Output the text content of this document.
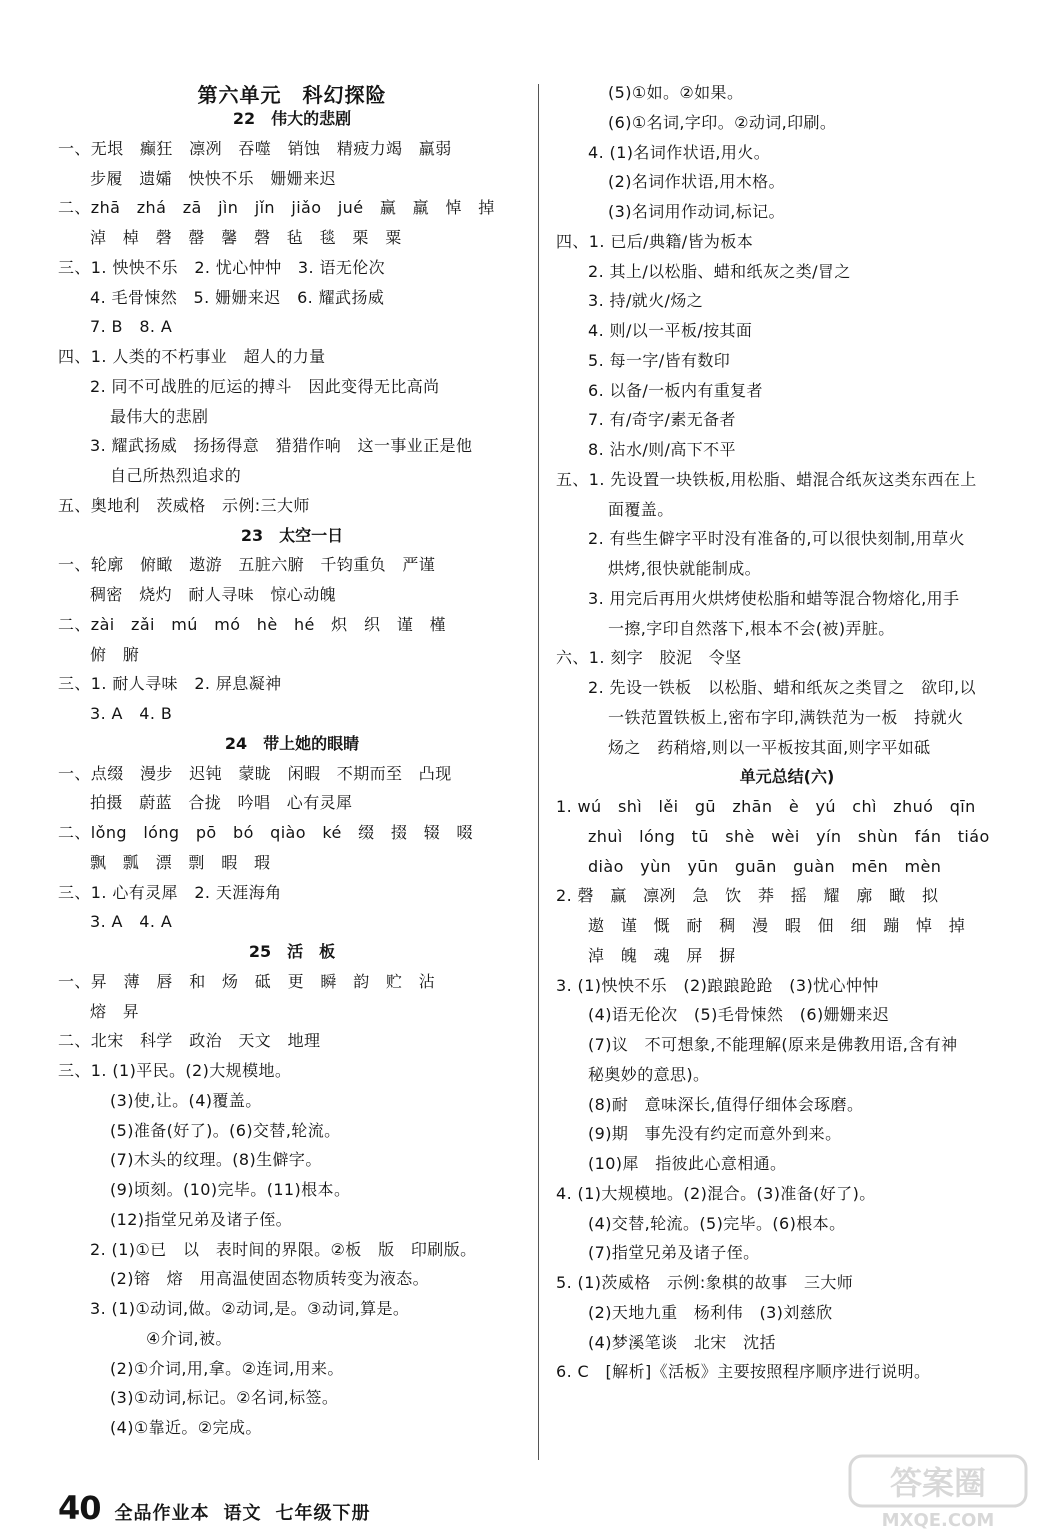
第六单元　科幻探险
22　伟大的悲剧
一、无垠　癫狂　凛冽　吞噬　销蚀　精疲力竭　羸弱
步履　遗孀　怏怏不乐　姗姗来迟
二、zhā　zhá　zā　jìn　jǐn　jiǎo　jué　赢　羸　悼　掉
淖　棹　磬　罄　馨　磬　毡　毯　栗　粟
三、1. 怏怏不乐　2. 忧心忡忡　3. 语无伦次
4. 毛骨悚然　5. 姗姗来迟　6. 耀武扬威
7. B　8. A
四、1. 人类的不朽事业　超人的力量
2. 同不可战胜的厄运的搏斗　因此变得无比高尚
最伟大的悲剧
3. 耀武扬威　扬扬得意　猎猎作响　这一事业正是他
自己所热烈追求的
五、奥地利　茨威格　示例:三大师
23　太空一日
一、轮廓　俯瞰　遨游　五脏六腑　千钧重负　严谨
稠密　烧灼　耐人寻味　惊心动魄
二、zài　zǎi　mú　mó　hè　hé　炽　织　谨　槿
俯　腑
三、1. 耐人寻味　2. 屏息凝神
3. A　4. B
24　带上她的眼睛
一、点缀　漫步　迟钝　蒙眬　闲暇　不期而至　凸现
拍摄　蔚蓝　合拢　吟唱　心有灵犀
二、lǒng　lóng　pō　bó　qiào　ké　缀　掇　辍　啜
飘　瓢　漂　剽　暇　瑕
三、1. 心有灵犀　2. 天涯海角
3. A　4. A
25　活　板
一、昇　薄　唇　和　炀　砥　更　瞬　韵　贮　沾
熔　昇
二、北宋　科学　政治　天文　地理
三、1. (1)平民。(2)大规模地。
(3)使,让。(4)覆盖。
(5)准备(好了)。(6)交替,轮流。
(7)木头的纹理。(8)生僻字。
(9)顷刻。(10)完毕。(11)根本。
(12)指堂兄弟及诸子侄。
2. (1)①已　以　表时间的界限。②板　版　印刷版。
(2)镕　熔　用高温使固态物质转变为液态。
3. (1)①动词,做。②动词,是。③动词,算是。
④介词,被。
(2)①介词,用,拿。②连词,用来。
(3)①动词,标记。②名词,标签。
(4)①靠近。②完成。
(5)①如。②如果。
(6)①名词,字印。②动词,印刷。
4. (1)名词作状语,用火。
(2)名词作状语,用木格。
(3)名词用作动词,标记。
四、1. 已后/典籍/皆为板本
2. 其上/以松脂、蜡和纸灰之类/冒之
3. 持/就火/炀之
4. 则/以一平板/按其面
5. 每一字/皆有数印
6. 以备/一板内有重复者
7. 有/奇字/素无备者
8. 沾水/则/高下不平
五、1. 先设置一块铁板,用松脂、蜡混合纸灰这类东西在上
面覆盖。
2. 有些生僻字平时没有准备的,可以很快刻制,用草火
烘烤,很快就能制成。
3. 用完后再用火烘烤使松脂和蜡等混合物熔化,用手
一擦,字印自然落下,根本不会(被)弄脏。
六、1. 刻字　胶泥　令坚
2. 先设一铁板　以松脂、蜡和纸灰之类冒之　欲印,以
一铁范置铁板上,密布字印,满铁范为一板　持就火
炀之　药稍熔,则以一平板按其面,则字平如砥
单元总结(六)
1. wú　shì　lěi　gū　zhān　è　yú　chì　zhuó　qīn
zhuì　lóng　tū　shè　wèi　yín　shùn　fán　tiáo
diào　yùn　yūn　guān　guàn　mēn　mèn
2. 磬　赢　凛冽　急　饮　莽　摇　耀　廓　瞰　拟
遨　谨　慨　耐　稠　漫　暇　佃　细　蹦　悼　掉
淖　魄　魂　屏　摒
3. (1)怏怏不乐　(2)踉踉跄跄　(3)忧心忡忡
(4)语无伦次　(5)毛骨悚然　(6)姗姗来迟
(7)议　不可想象,不能理解(原来是佛教用语,含有神
秘奥妙的意思)。
(8)耐　意味深长,值得仔细体会琢磨。
(9)期　事先没有约定而意外到来。
(10)犀　指彼此心意相通。
4. (1)大规模地。(2)混合。(3)准备(好了)。
(4)交替,轮流。(5)完毕。(6)根本。
(7)指堂兄弟及诸子侄。
5. (1)茨威格　示例:象棋的故事　三大师
(2)天地九重　杨利伟　(3)刘慈欣
(4)梦溪笔谈　北宋　沈括
6. C　[解析]《活板》主要按照程序顺序进行说明。
40 全品作业本 语文 七年级下册
答案圈
MXQE.COM
